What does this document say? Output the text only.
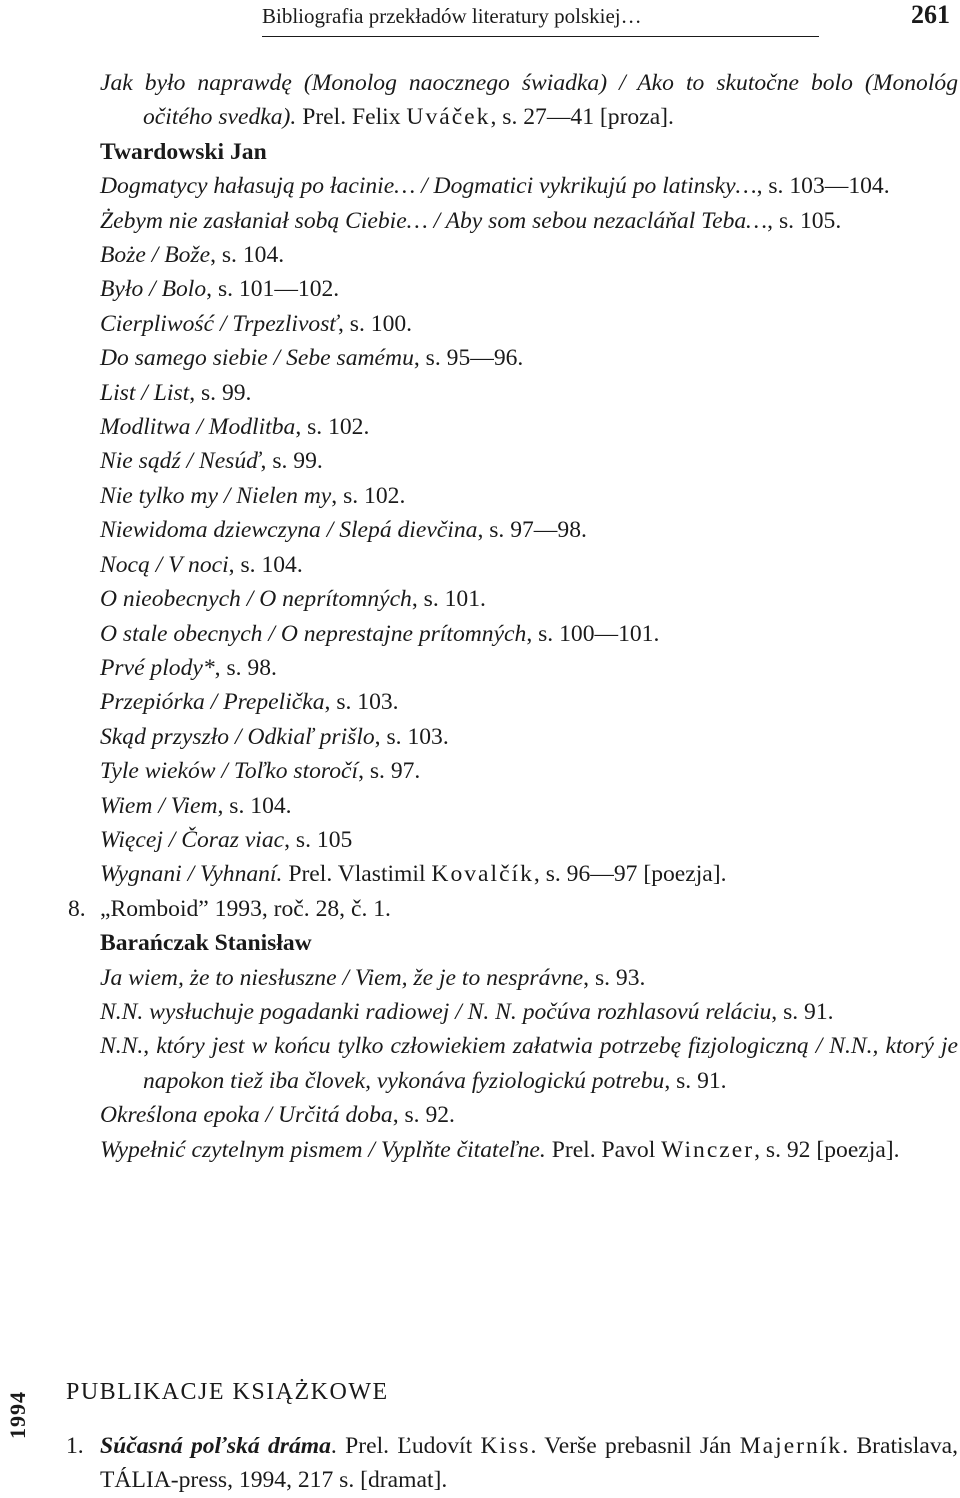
Bibliografia przekładów literatury polskiej…	261
Jak było naprawdę (Monolog naocznego świadka) / Ako to skutočne bolo (Monológ očitého svedka). Prel. Felix Uváček, s. 27—41 [proza].
Twardowski Jan
Dogmatycy hałasują po łacinie… / Dogmatici vykrikujú po latinsky…, s. 103—104.
Żebym nie zasłaniał sobą Ciebie… / Aby som sebou nezacláňal Teba…, s. 105.
Boże / Bože, s. 104.
Było / Bolo, s. 101—102.
Cierpliwość / Trpezlivosť, s. 100.
Do samego siebie / Sebe samému, s. 95—96.
List / List, s. 99.
Modlitwa / Modlitba, s. 102.
Nie sądź / Nesúď, s. 99.
Nie tylko my / Nielen my, s. 102.
Niewidoma dziewczyna / Slepá dievčina, s. 97—98.
Nocą / V noci, s. 104.
O nieobecnych / O neprítomných, s. 101.
O stale obecnych / O neprestajne prítomných, s. 100—101.
Prvé plody*, s. 98.
Przepiórka / Prepelička, s. 103.
Skąd przyszło / Odkiaľ prišlo, s. 103.
Tyle wieków / Toľko storočí, s. 97.
Wiem / Viem, s. 104.
Więcej / Čoraz viac, s. 105
Wygnani / Vyhnaní. Prel. Vlastimil Kovalčík, s. 96—97 [poezja].
8. „Romboid” 1993, roč. 28, č. 1.
Barańczak Stanisław
Ja wiem, że to niesłuszne / Viem, že je to nesprávne, s. 93.
N.N. wysłuchuje pogadanki radiowej / N. N. počúva rozhlasovú reláciu, s. 91.
N.N., który jest w końcu tylko człowiekiem załatwia potrzebę fizjologiczną / N.N., ktorý je napokon tiež iba človek, vykonáva fyziologickú potrebu, s. 91.
Określona epoka / Určitá doba, s. 92.
Wypełnić czytelnym pismem / Vyplňte čitateľne. Prel. Pavol Winczer, s. 92 [poezja].
PUBLIKACJE KSIĄŻKOWE
1. Súčasná poľská dráma. Prel. Ľudovít Kiss. Verše prebasnil Ján Majerník. Bratislava, TÁLIA-press, 1994, 217 s. [dramat].
1994
